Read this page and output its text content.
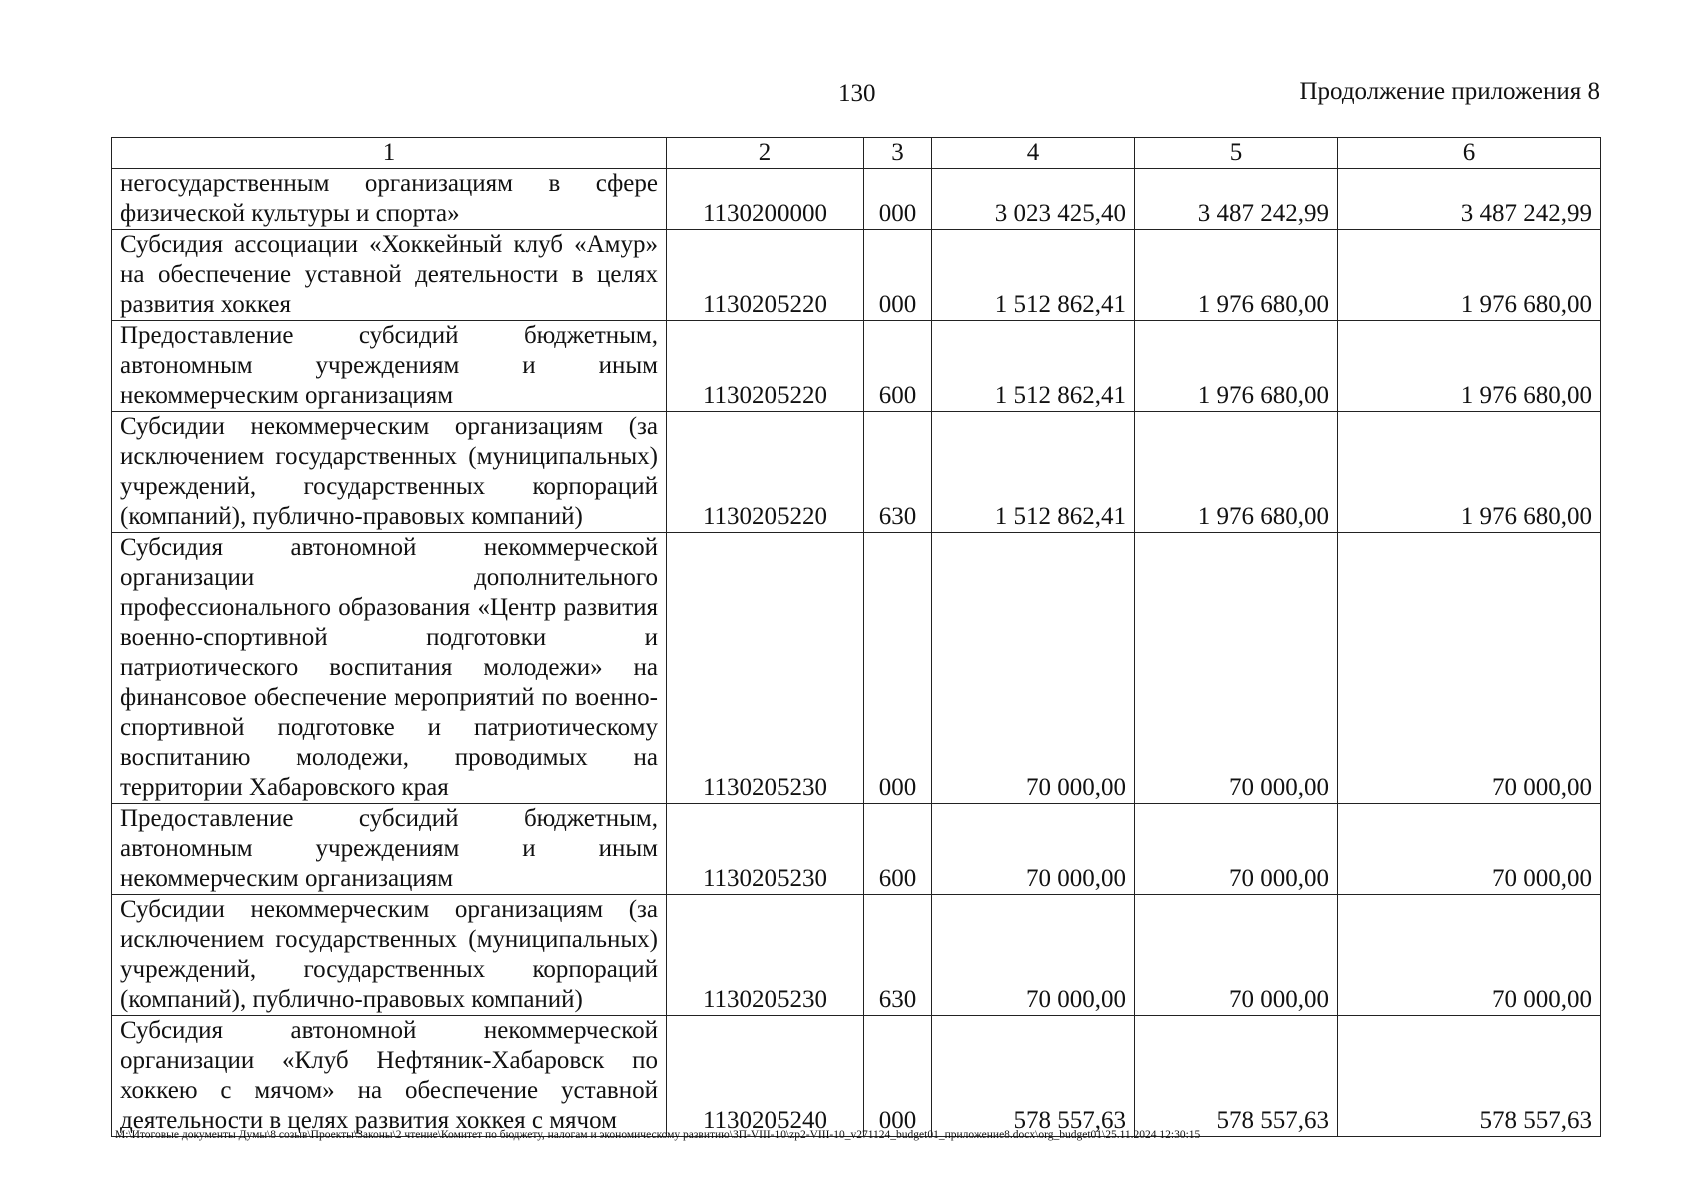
130	Продолжение приложения 8
1	2	3	4	5	6
негосударственным организациям в сфере физической культуры и спорта»	1130200000	000	3 023 425,40	3 487 242,99	3 487 242,99
Субсидия ассоциации «Хоккейный клуб «Амур» на обеспечение уставной деятельности в целях развития хоккея	1130205220	000	1 512 862,41	1 976 680,00	1 976 680,00
Предоставление субсидий бюджетным, автономным учреждениям и иным некоммерческим организациям	1130205220	600	1 512 862,41	1 976 680,00	1 976 680,00
Субсидии некоммерческим организациям (за исключением государственных (муниципальных) учреждений, государственных корпораций (компаний), публично-правовых компаний)	1130205220	630	1 512 862,41	1 976 680,00	1 976 680,00
Субсидия автономной некоммерческой организации дополнительного профессионального образования «Центр развития военно-спортивной подготовки и патриотического воспитания молодежи» на финансовое обеспечение мероприятий по военно-спортивной подготовке и патриотическому воспитанию молодежи, проводимых на территории Хабаровского края	1130205230	000	70 000,00	70 000,00	70 000,00
Предоставление субсидий бюджетным, автономным учреждениям и иным некоммерческим организациям	1130205230	600	70 000,00	70 000,00	70 000,00
Субсидии некоммерческим организациям (за исключением государственных (муниципальных) учреждений, государственных корпораций (компаний), публично-правовых компаний)	1130205230	630	70 000,00	70 000,00	70 000,00
Субсидия автономной некоммерческой организации «Клуб Нефтяник-Хабаровск по хоккею с мячом» на обеспечение уставной деятельности в целях развития хоккея с мячом	1130205240	000	578 557,63	578 557,63	578 557,63
M:\Итоговые документы Думы\8 созыв\Проекты\Законы\2 чтение\Комитет по бюджету, налогам и экономическому развитию\ЗП-VIII-10\zp2-VIII-10_v271124_budget01_приложение8.docx\org_budget01\25.11.2024 12:30:15
